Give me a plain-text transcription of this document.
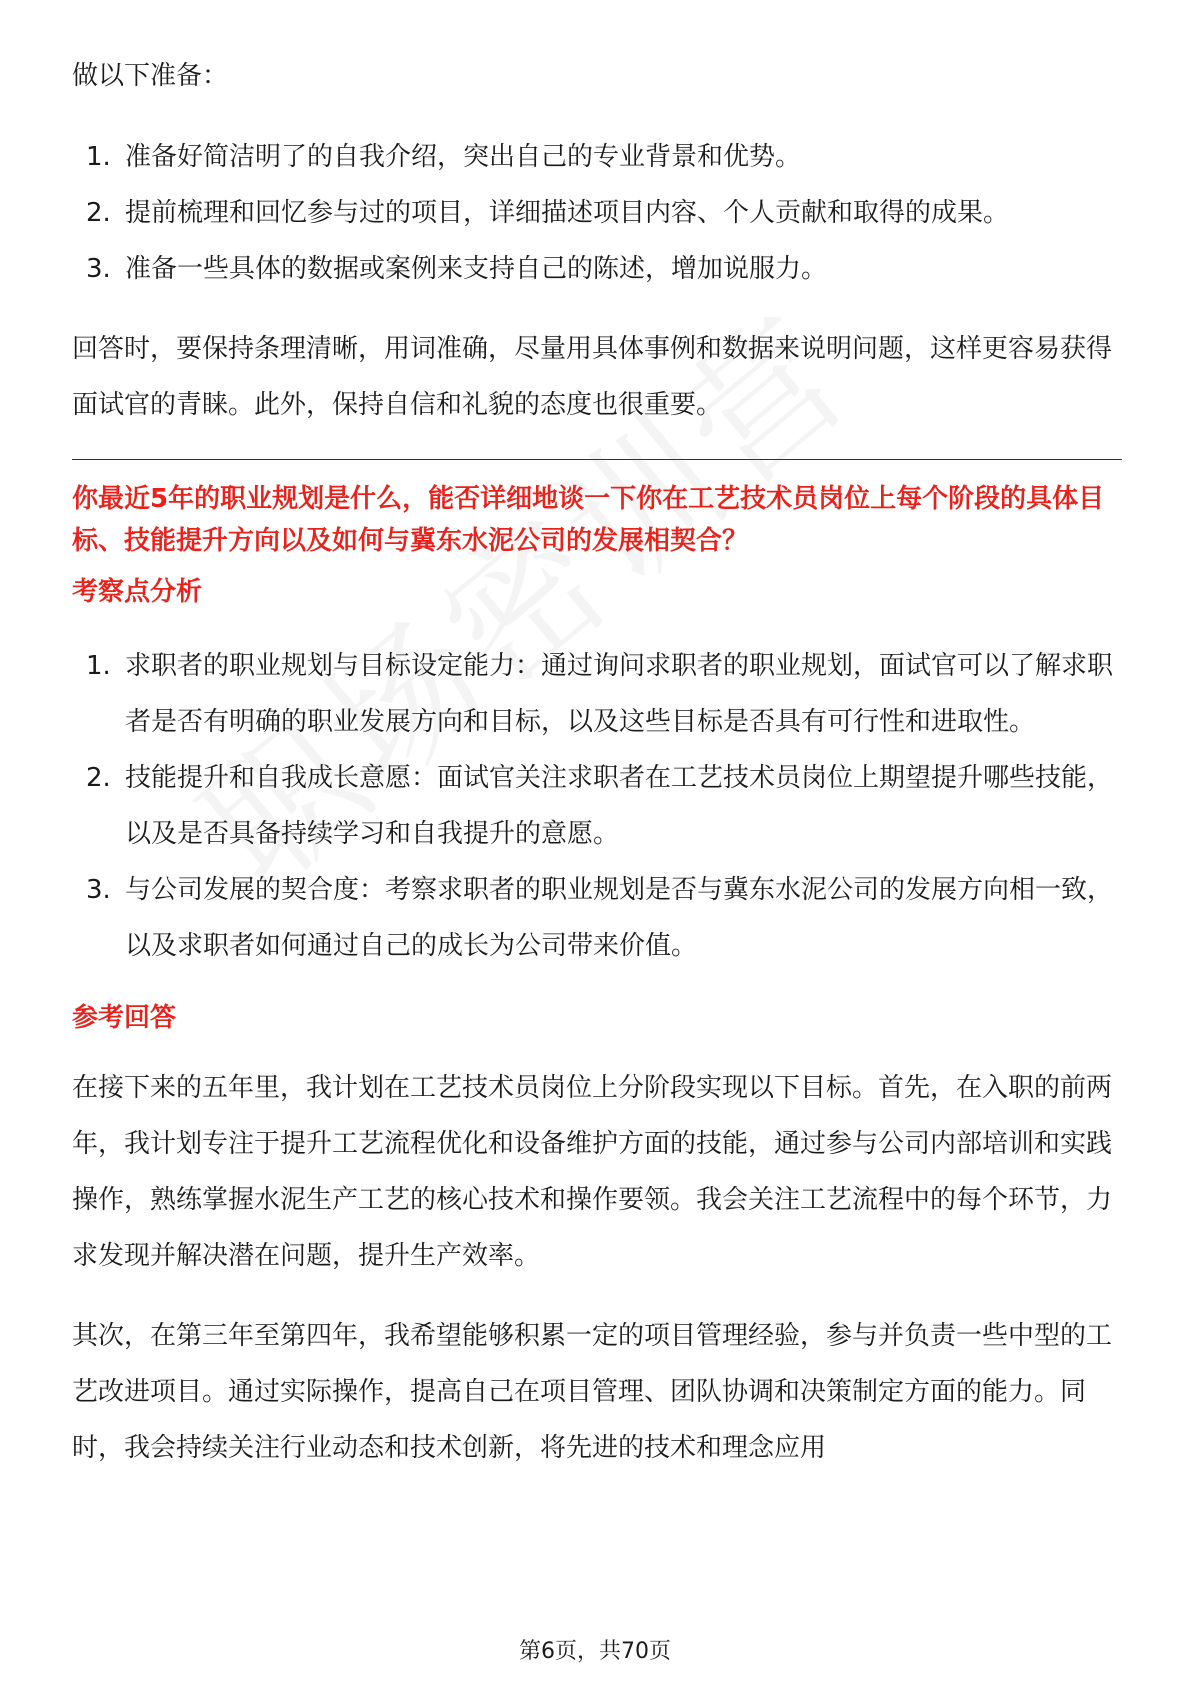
做以下准备：

1. 准备好简洁明了的自我介绍，突出自己的专业背景和优势。
2. 提前梳理和回忆参与过的项目，详细描述项目内容、个人贡献和取得的成果。
3. 准备一些具体的数据或案例来支持自己的陈述，增加说服力。

回答时，要保持条理清晰，用词准确，尽量用具体事例和数据来说明问题，这样更容易获得面试官的青睐。此外，保持自信和礼貌的态度也很重要。

你最近5年的职业规划是什么，能否详细地谈一下你在工艺技术员岗位上每个阶段的具体目标、技能提升方向以及如何与冀东水泥公司的发展相契合？

考察点分析

1. 求职者的职业规划与目标设定能力：通过询问求职者的职业规划，面试官可以了解求职者是否有明确的职业发展方向和目标，以及这些目标是否具有可行性和进取性。
2. 技能提升和自我成长意愿：面试官关注求职者在工艺技术员岗位上期望提升哪些技能，以及是否具备持续学习和自我提升的意愿。
3. 与公司发展的契合度：考察求职者的职业规划是否与冀东水泥公司的发展方向相一致，以及求职者如何通过自己的成长为公司带来价值。

参考回答

在接下来的五年里，我计划在工艺技术员岗位上分阶段实现以下目标。首先，在入职的前两年，我计划专注于提升工艺流程优化和设备维护方面的技能，通过参与公司内部培训和实践操作，熟练掌握水泥生产工艺的核心技术和操作要领。我会关注工艺流程中的每个环节，力求发现并解决潜在问题，提升生产效率。

其次，在第三年至第四年，我希望能够积累一定的项目管理经验，参与并负责一些中型的工艺改进项目。通过实际操作，提高自己在项目管理、团队协调和决策制定方面的能力。同时，我会持续关注行业动态和技术创新，将先进的技术和理念应用

第6页，共70页
